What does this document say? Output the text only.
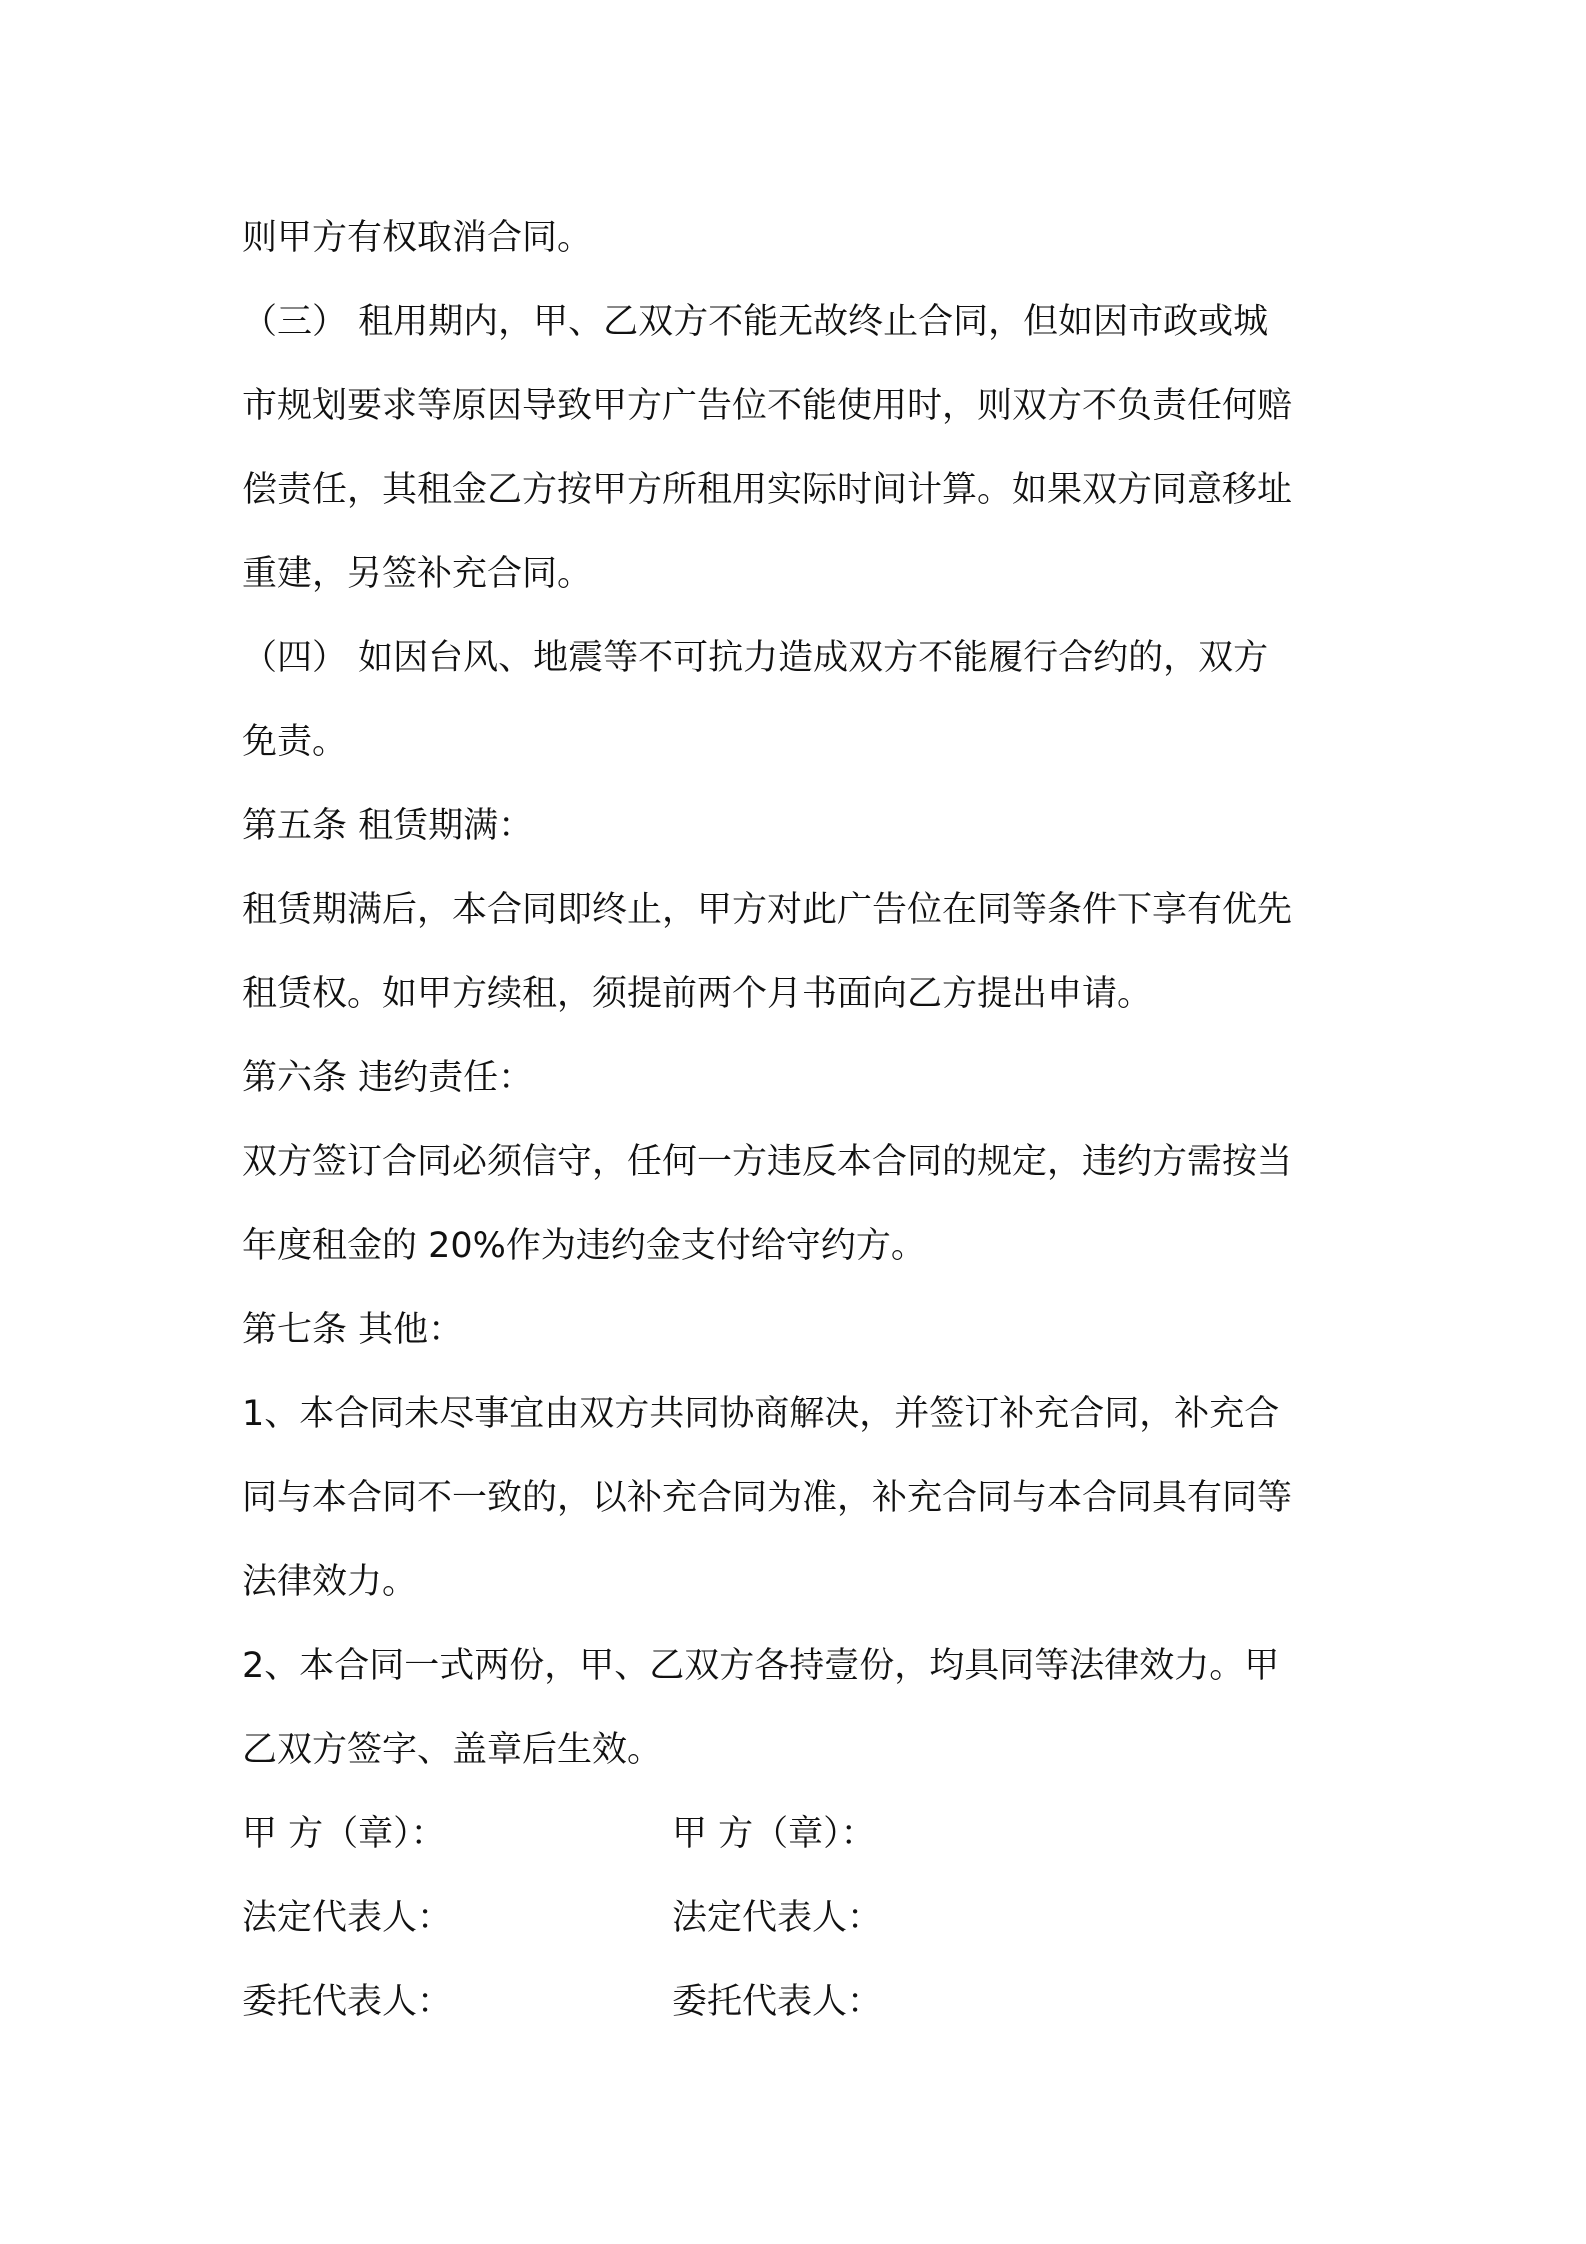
则甲方有权取消合同。
（三） 租用期内，甲、乙双方不能无故终止合同，但如因市政或城
市规划要求等原因导致甲方广告位不能使用时，则双方不负责任何赔
偿责任，其租金乙方按甲方所租用实际时间计算。如果双方同意移址
重建，另签补充合同。
（四） 如因台风、地震等不可抗力造成双方不能履行合约的，双方
免责。
第五条 租赁期满：
租赁期满后，本合同即终止，甲方对此广告位在同等条件下享有优先
租赁权。如甲方续租，须提前两个月书面向乙方提出申请。
第六条 违约责任：
双方签订合同必须信守，任何一方违反本合同的规定，违约方需按当
年度租金的 20%作为违约金支付给守约方。
第七条 其他：
1、本合同未尽事宜由双方共同协商解决，并签订补充合同，补充合
同与本合同不一致的，以补充合同为准，补充合同与本合同具有同等
法律效力。
2、本合同一式两份，甲、乙双方各持壹份，均具同等法律效力。甲
乙双方签字、盖章后生效。
甲 方（章）：	甲 方（章）：
法定代表人：	法定代表人：
委托代表人：	委托代表人：
